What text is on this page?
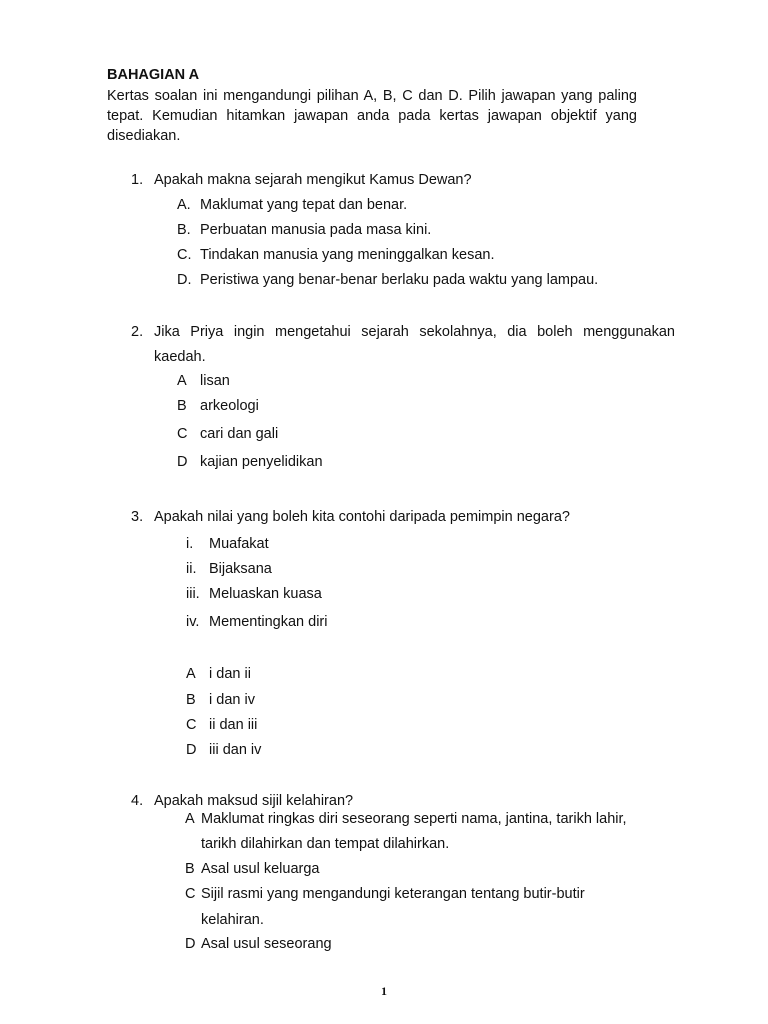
BAHAGIAN A
Kertas soalan ini mengandungi pilihan A, B, C dan D. Pilih jawapan yang paling tepat. Kemudian hitamkan jawapan anda pada kertas jawapan objektif yang disediakan.
1. Apakah makna sejarah mengikut Kamus Dewan?
A. Maklumat yang tepat dan benar.
B. Perbuatan manusia pada masa kini.
C. Tindakan manusia yang meninggalkan kesan.
D. Peristiwa yang benar-benar berlaku pada waktu yang lampau.
2. Jika Priya ingin mengetahui sejarah sekolahnya, dia boleh menggunakan kaedah.
A lisan
B arkeologi
C cari dan gali
D kajian penyelidikan
3. Apakah nilai yang boleh kita contohi daripada pemimpin negara?
i. Muafakat
ii. Bijaksana
iii. Meluaskan kuasa
iv. Mementingkan diri
A i dan ii
B i dan iv
C ii dan iii
D iii dan iv
4. Apakah maksud sijil kelahiran?
A Maklumat ringkas diri seseorang seperti nama, jantina, tarikh lahir,
tarikh dilahirkan dan tempat dilahirkan.
B Asal usul keluarga
C Sijil rasmi yang mengandungi keterangan tentang butir-butir
kelahiran.
D Asal usul seseorang
1
